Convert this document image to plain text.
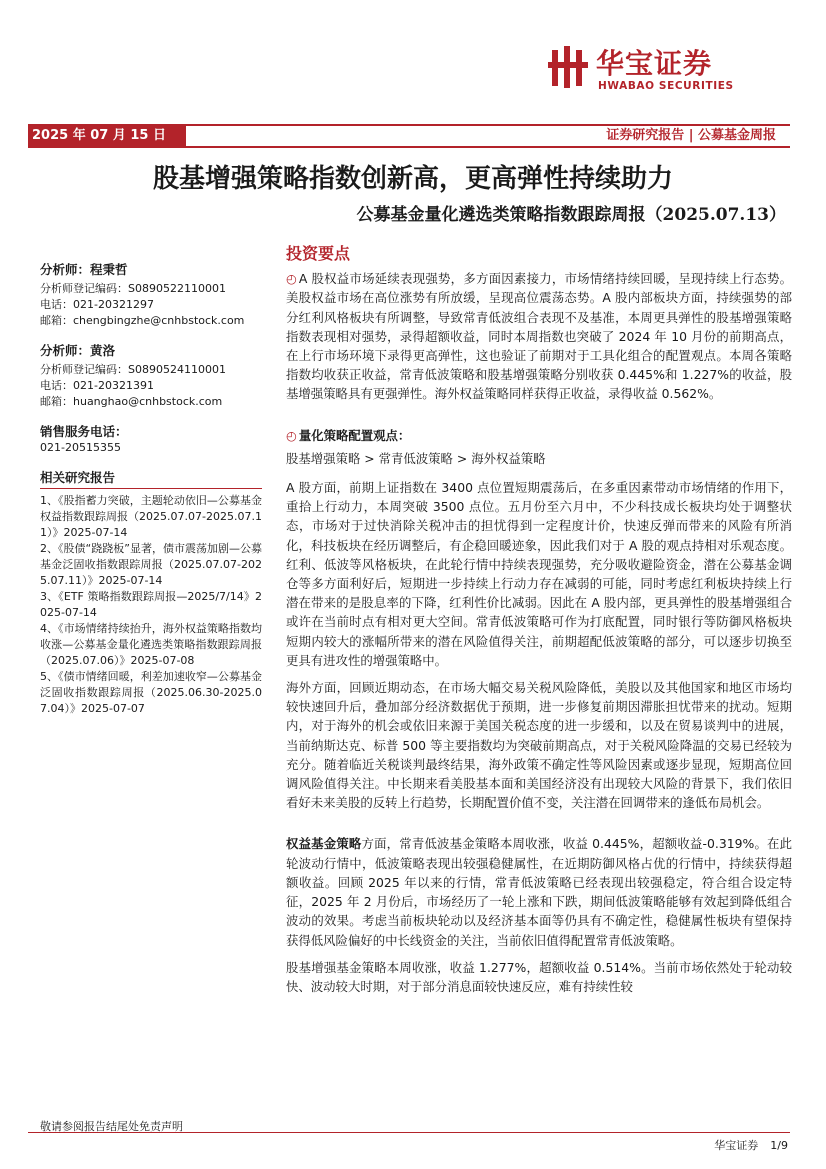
华宝证券
HWABAO SECURITIES
2025 年 07 月 15 日	证券研究报告 | 公募基金周报
股基增强策略指数创新高，更高弹性持续助力
公募基金量化遴选类策略指数跟踪周报（2025.07.13）
分析师：程秉哲
分析师登记编码：S0890522110001
电话：021-20321297
邮箱：chengbingzhe@cnhbstock.com
分析师：黄洛
分析师登记编码：S0890524110001
电话：021-20321391
邮箱：huanghao@cnhbstock.com
销售服务电话：
021-20515355
相关研究报告
1、《股指蓄力突破，主题轮动依旧—公募基金权益指数跟踪周报（2025.07.07-2025.07.11）》2025-07-14
2、《股债“跷跷板”显著，债市震荡加剧—公募基金泛固收指数跟踪周报（2025.07.07-2025.07.11）》2025-07-14
3、《ETF 策略指数跟踪周报—2025/7/14》2025-07-14
4、《市场情绪持续抬升，海外权益策略指数均收涨—公募基金量化遴选类策略指数跟踪周报（2025.07.06）》2025-07-08
5、《债市情绪回暖，利差加速收窄—公募基金泛固收指数跟踪周报（2025.06.30-2025.07.04）》2025-07-07
投资要点

◴ A 股权益市场延续表现强势，多方面因素接力，市场情绪持续回暖，呈现持续上行态势。美股权益市场在高位涨势有所放缓，呈现高位震荡态势。A 股内部板块方面，持续强势的部分红利风格板块有所调整，导致常青低波组合表现不及基准，本周更具弹性的股基增强策略指数表现相对强势，录得超额收益，同时本周指数也突破了 2024 年 10 月份的前期高点，在上行市场环境下录得更高弹性，这也验证了前期对于工具化组合的配置观点。本周各策略指数均收获正收益，常青低波策略和股基增强策略分别收获 0.445%和 1.227%的收益，股基增强策略具有更强弹性。海外权益策略同样获得正收益，录得收益 0.562%。

◴ 量化策略配置观点：

股基增强策略 > 常青低波策略 > 海外权益策略

A 股方面，前期上证指数在 3400 点位置短期震荡后，在多重因素带动市场情绪的作用下，重拾上行动力，本周突破 3500 点位。五月份至六月中，不少科技成长板块均处于调整状态，市场对于过快消除关税冲击的担忧得到一定程度计价，快速反弹而带来的风险有所消化，科技板块在经历调整后，有企稳回暖迹象，因此我们对于 A 股的观点持相对乐观态度。红利、低波等风格板块，在此轮行情中持续表现强势，充分吸收避险资金，潜在公募基金调仓等多方面利好后，短期进一步持续上行动力存在减弱的可能，同时考虑红利板块持续上行潜在带来的是股息率的下降，红利性价比减弱。因此在 A 股内部，更具弹性的股基增强组合或许在当前时点有相对更大空间。常青低波策略可作为打底配置，同时银行等防御风格板块短期内较大的涨幅所带来的潜在风险值得关注，前期超配低波策略的部分，可以逐步切换至更具有进攻性的增强策略中。

海外方面，回顾近期动态，在市场大幅交易关税风险降低，美股以及其他国家和地区市场均较快速回升后，叠加部分经济数据优于预期，进一步修复前期因滞胀担忧带来的扰动。短期内，对于海外的机会或依旧来源于美国关税态度的进一步缓和，以及在贸易谈判中的进展，当前纳斯达克、标普 500 等主要指数均为突破前期高点，对于关税风险降温的交易已经较为充分。随着临近关税谈判最终结果，海外政策不确定性等风险因素或逐步显现，短期高位回调风险值得关注。中长期来看美股基本面和美国经济没有出现较大风险的背景下，我们依旧看好未来美股的反转上行趋势，长期配置价值不变，关注潜在回调带来的逢低布局机会。

权益基金策略方面，常青低波基金策略本周收涨，收益 0.445%，超额收益-0.319%。在此轮波动行情中，低波策略表现出较强稳健属性，在近期防御风格占优的行情中，持续获得超额收益。回顾 2025 年以来的行情，常青低波策略已经表现出较强稳定，符合组合设定特征，2025 年 2 月份后，市场经历了一轮上涨和下跌，期间低波策略能够有效起到降低组合波动的效果。考虑当前板块轮动以及经济基本面等仍具有不确定性，稳健属性板块有望保持获得低风险偏好的中长线资金的关注，当前依旧值得配置常青低波策略。

股基增强基金策略本周收涨，收益 1.277%，超额收益 0.514%。当前市场依然处于轮动较快、波动较大时期，对于部分消息面较快速反应，难有持续性较

敬请参阅报告结尾处免责声明
华宝证券 1/9
